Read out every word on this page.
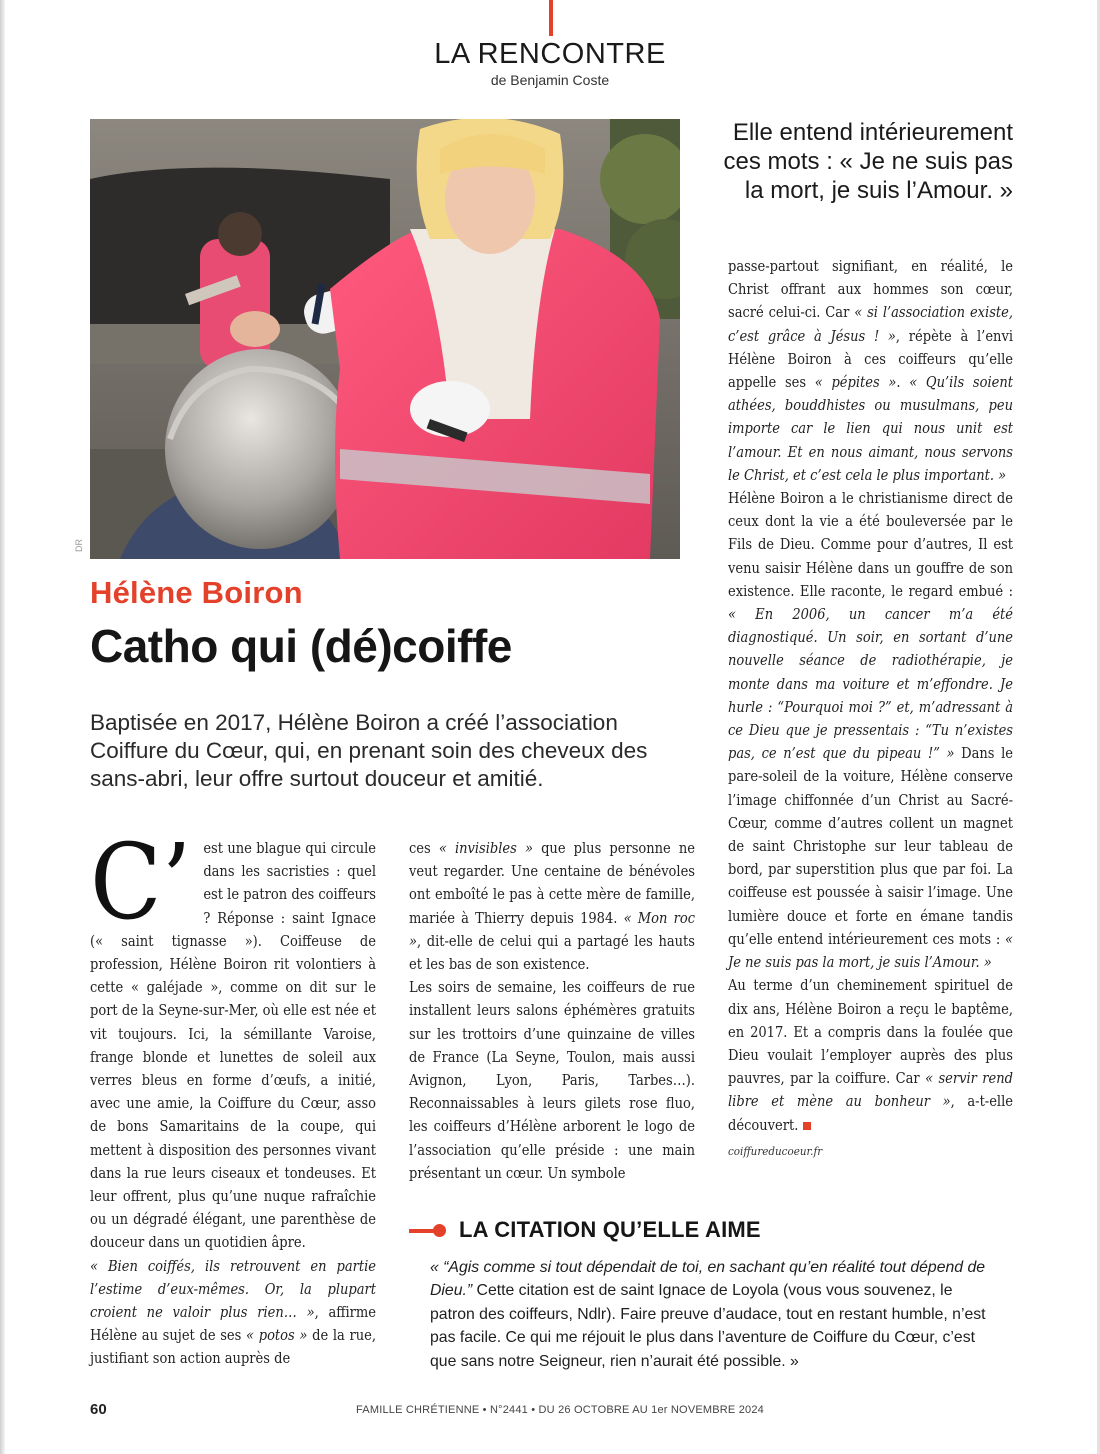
LA RENCONTRE
de Benjamin Coste
DR
Elle entend intérieurement ces mots : « Je ne suis pas la mort, je suis l’Amour. »
Hélène Boiron
Catho qui (dé)coiffe
Baptisée en 2017, Hélène Boiron a créé l’association Coiffure du Cœur, qui, en prenant soin des cheveux des sans-abri, leur offre surtout douceur et amitié.
C’ est une blague qui circule dans les sacristies : quel est le patron des coiffeurs ? Réponse : saint Ignace (« saint tignasse »). Coiffeuse de profession, Hélène Boiron rit volontiers à cette « galéjade », comme on dit sur le port de la Seyne-sur-Mer, où elle est née et vit toujours. Ici, la sémillante Varoise, frange blonde et lunettes de soleil aux verres bleus en forme d’œufs, a initié, avec une amie, la Coiffure du Cœur, asso de bons Samaritains de la coupe, qui mettent à disposition des personnes vivant dans la rue leurs ciseaux et tondeuses. Et leur offrent, plus qu’une nuque rafraîchie ou un dégradé élégant, une parenthèse de douceur dans un quotidien âpre.

« Bien coiffés, ils retrouvent en partie l’estime d’eux-mêmes. Or, la plupart croient ne valoir plus rien… », affirme Hélène au sujet de ses « potos » de la rue, justifiant son action auprès de

ces « invisibles » que plus personne ne veut regarder. Une centaine de bénévoles ont emboîté le pas à cette mère de famille, mariée à Thierry depuis 1984. « Mon roc », dit-elle de celui qui a partagé les hauts et les bas de son existence.

Les soirs de semaine, les coiffeurs de rue installent leurs salons éphémères gratuits sur les trottoirs d’une quinzaine de villes de France (La Seyne, Toulon, mais aussi Avignon, Lyon, Paris, Tarbes…). Reconnaissables à leurs gilets rose fluo, les coiffeurs d’Hélène arborent le logo de l’association qu’elle préside : une main présentant un cœur. Un symbole

passe-partout signifiant, en réalité, le Christ offrant aux hommes son cœur, sacré celui-ci. Car « si l’association existe, c’est grâce à Jésus ! », répète à l’envi Hélène Boiron à ces coiffeurs qu’elle appelle ses « pépites ». « Qu’ils soient athées, bouddhistes ou musulmans, peu importe car le lien qui nous unit est l’amour. Et en nous aimant, nous servons le Christ, et c’est cela le plus important. »

Hélène Boiron a le christianisme direct de ceux dont la vie a été bouleversée par le Fils de Dieu. Comme pour d’autres, Il est venu saisir Hélène dans un gouffre de son existence. Elle raconte, le regard embué : « En 2006, un cancer m’a été diagnostiqué. Un soir, en sortant d’une nouvelle séance de radiothérapie, je monte dans ma voiture et m’effondre. Je hurle : “Pourquoi moi ?” et, m’adressant à ce Dieu que je pressentais : “Tu n’existes pas, ce n’est que du pipeau !” » Dans le pare-soleil de la voiture, Hélène conserve l’image chiffonnée d’un Christ au Sacré-Cœur, comme d’autres collent un magnet de saint Christophe sur leur tableau de bord, par superstition plus que par foi. La coiffeuse est poussée à saisir l’image. Une lumière douce et forte en émane tandis qu’elle entend intérieurement ces mots : « Je ne suis pas la mort, je suis l’Amour. »

Au terme d’un cheminement spirituel de dix ans, Hélène Boiron a reçu le baptême, en 2017. Et a compris dans la foulée que Dieu voulait l’employer auprès des plus pauvres, par la coiffure. Car « servir rend libre et mène au bonheur », a-t-elle découvert.

coiffureducoeur.fr
LA CITATION QU’ELLE AIME
« “Agis comme si tout dépendait de toi, en sachant qu’en réalité tout dépend de Dieu.” Cette citation est de saint Ignace de Loyola (vous vous souvenez, le patron des coiffeurs, Ndlr). Faire preuve d’audace, tout en restant humble, n’est pas facile. Ce qui me réjouit le plus dans l’aventure de Coiffure du Cœur, c’est que sans notre Seigneur, rien n’aurait été possible. »
60	FAMILLE CHRÉTIENNE • N°2441 • DU 26 OCTOBRE AU 1er NOVEMBRE 2024
